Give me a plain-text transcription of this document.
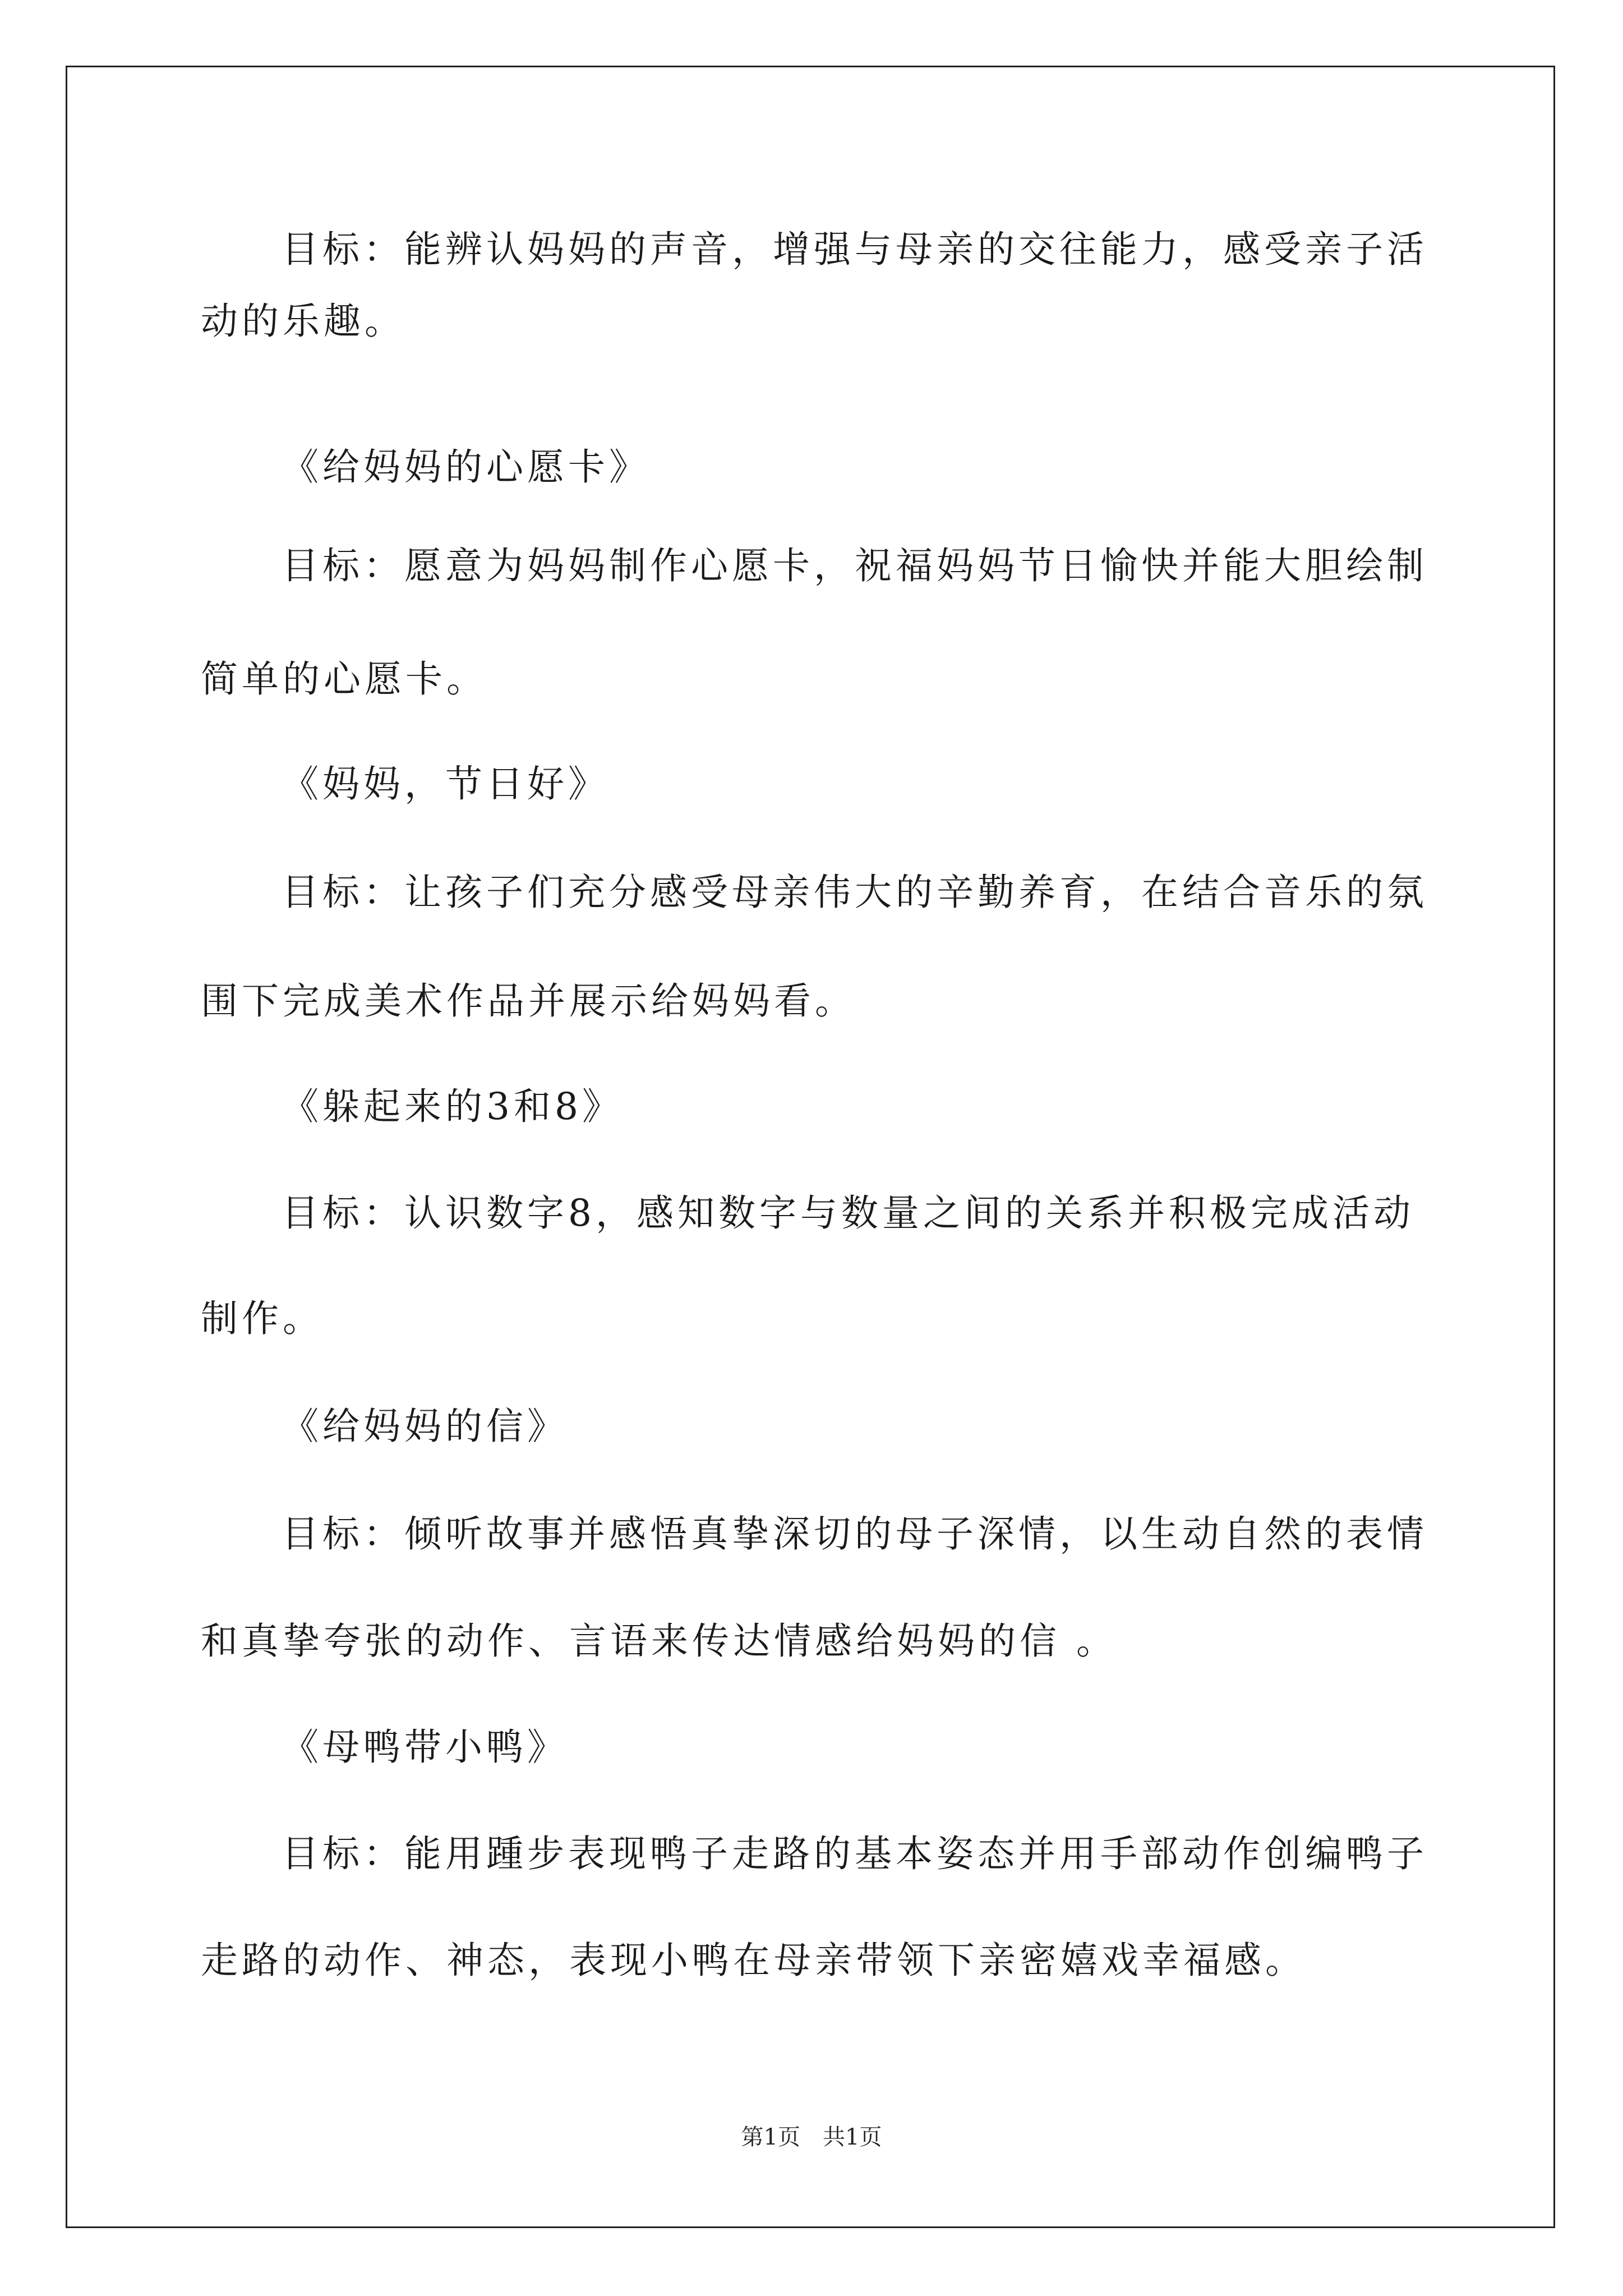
目标：能辨认妈妈的声音，增强与母亲的交往能力，感受亲子活

动的乐趣。

《给妈妈的心愿卡》

目标：愿意为妈妈制作心愿卡，祝福妈妈节日愉快并能大胆绘制

简单的心愿卡。

《妈妈，节日好》

目标：让孩子们充分感受母亲伟大的辛勤养育，在结合音乐的氛

围下完成美术作品并展示给妈妈看。

《躲起来的3和8》

目标：认识数字8，感知数字与数量之间的关系并积极完成活动

制作。

《给妈妈的信》

目标：倾听故事并感悟真挚深切的母子深情，以生动自然的表情

和真挚夸张的动作、言语来传达情感给妈妈的信 。

《母鸭带小鸭》

目标：能用踵步表现鸭子走路的基本姿态并用手部动作创编鸭子

走路的动作、神态，表现小鸭在母亲带领下亲密嬉戏幸福感。

第1页　共1页
